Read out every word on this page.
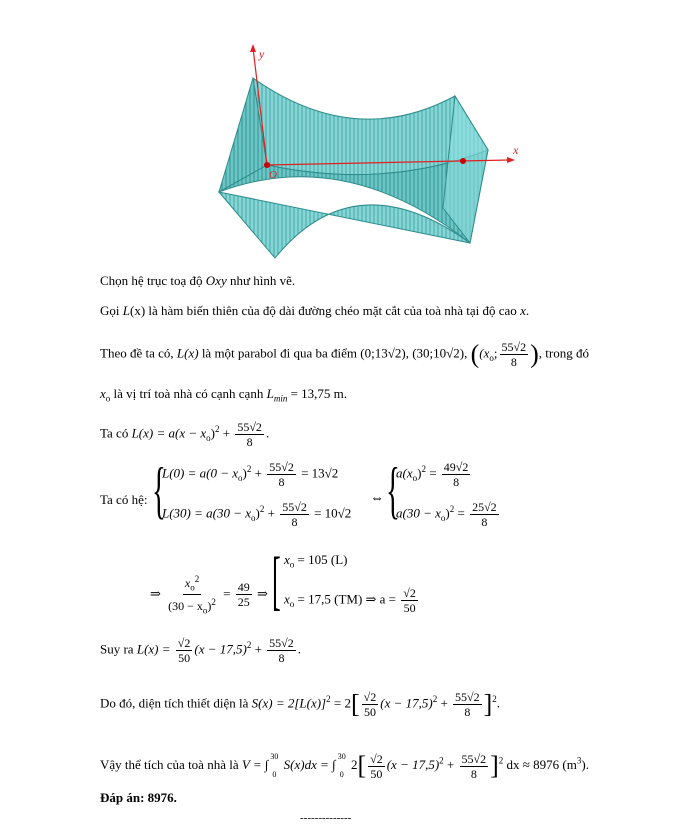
y
x
O
Chọn hệ trục toạ độ Oxy như hình vẽ.
Gọi L(x) là hàm biến thiên của độ dài đường chéo mặt cắt của toà nhà tại độ cao x.
Theo đề ta có, L(x) là một parabol đi qua ba điểm (0;13√2), (30;10√2), (($x_o$; $\frac{55√2}{8}$ ), trong đó
$x_o$ là vị trí toà nhà có cạnh cạnh $L_{min} = 13,75$ m.
Ta có $L(x) = a(x - x_o)^2 + \frac{55√2}{8}$ .
Ta có hệ: {
$L(0) = a(0 - x_o)^2 + \frac{55√2}{8} = 13√2$
$L(30) = a(30 - x_o)^2 + \frac{55√2}{8} = 10√2$
⇔ {
$a(x_o)^2 = \frac{49√2}{8}$
$a(30 - x_o)^2 = \frac{25√2}{8}$
⇒ $\frac{x_o^2}{(30 - x_o)^2} = \frac{49}{25}$ ⇒ [ $x_o = 105$ (L)
$x_o = 17,5$ (TM) ⇒ $a = \frac{√2}{50}$
Suy ra $L(x) = \frac{√2}{50} (x - 17,5)^2 + \frac{55√2}{8}$ .
Do đó, diện tích thiết diện là $S(x) = 2[L(x)]^2 = 2[ \frac{√2}{50} (x - 17,5)^2 + \frac{55√2}{8} ]^2$.
Vậy thể tích của toà nhà là V = ∫
30
0
S(x)dx = ∫
30
0
$2[ \frac{√2}{50} (x - 17,5)^2 + \frac{55√2}{8} ]^2$ dx ≈ 8976 $(m^3)$.
Đáp án: 8976.
--------------
